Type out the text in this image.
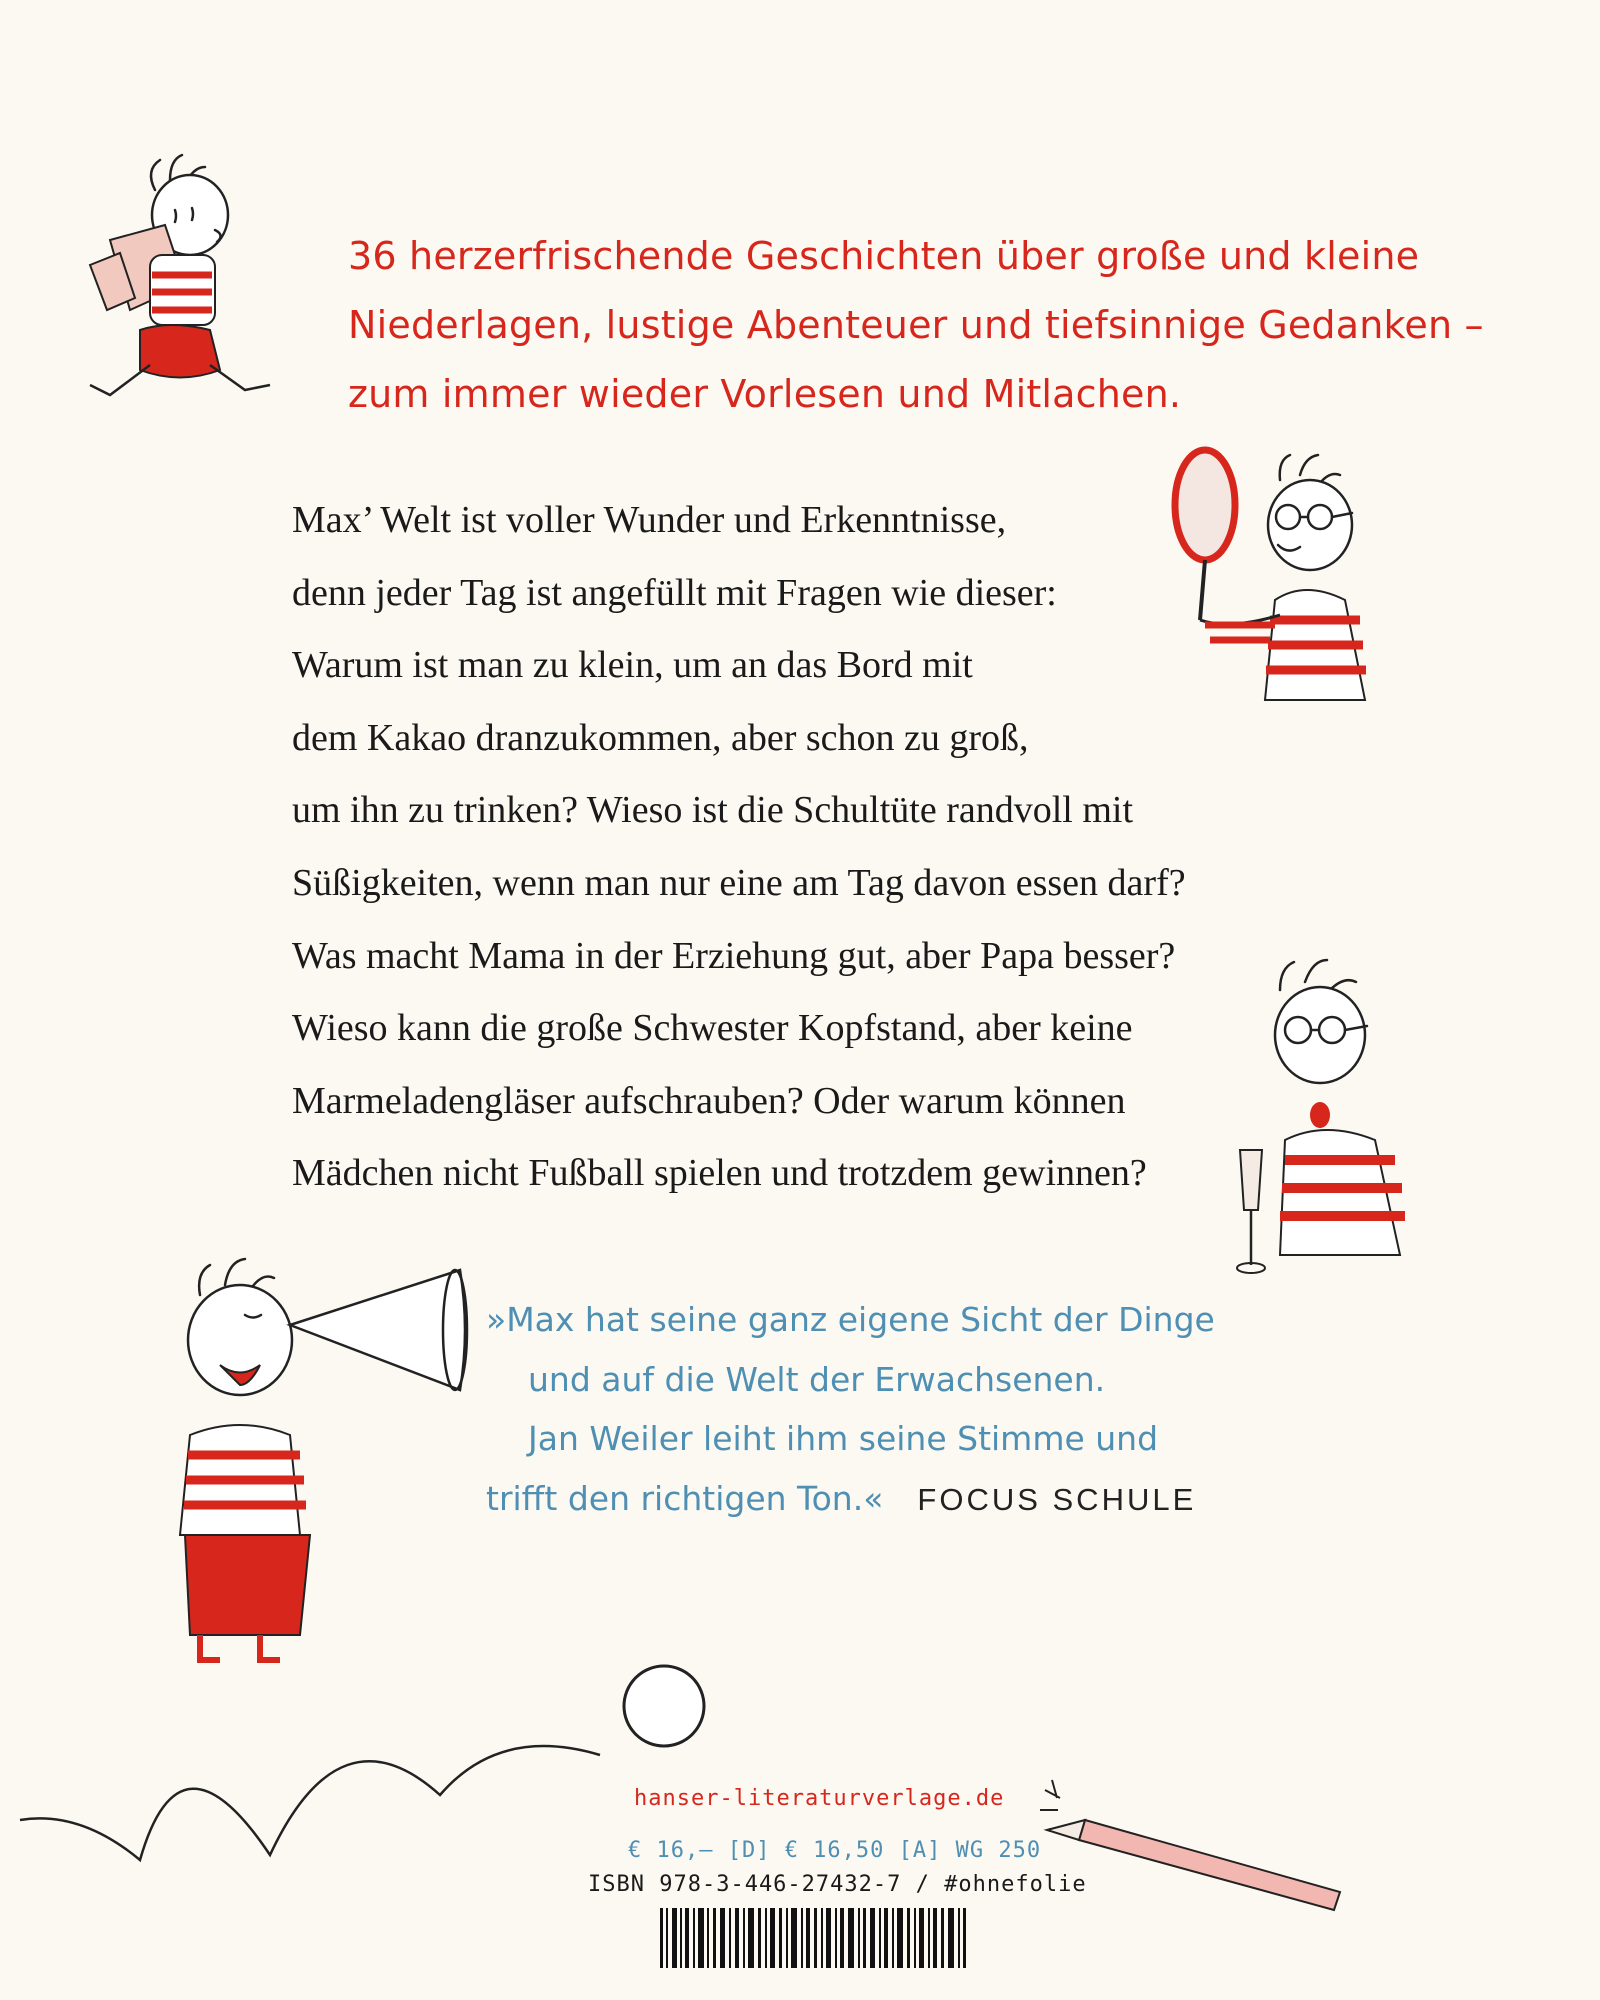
36 herzerfrischende Geschichten über große und kleine
Niederlagen, lustige Abenteuer und tiefsinnige Gedanken –
zum immer wieder Vorlesen und Mitlachen.
Max’ Welt ist voller Wunder und Erkenntnisse,
denn jeder Tag ist angefüllt mit Fragen wie dieser:
Warum ist man zu klein, um an das Bord mit
dem Kakao dranzukommen, aber schon zu groß,
um ihn zu trinken? Wieso ist die Schultüte randvoll mit
Süßigkeiten, wenn man nur eine am Tag davon essen darf?
Was macht Mama in der Erziehung gut, aber Papa besser?
Wieso kann die große Schwester Kopfstand, aber keine
Marmeladengläser aufschrauben? Oder warum können
Mädchen nicht Fußball spielen und trotzdem gewinnen?
»Max hat seine ganz eigene Sicht der Dinge
und auf die Welt der Erwachsenen.
Jan Weiler leiht ihm seine Stimme und
trifft den richtigen Ton.« FOCUS SCHULE
hanser-literaturverlage.de
€ 16,– [D] € 16,50 [A] WG 250
ISBN 978-3-446-27432-7 / #ohnefolie
